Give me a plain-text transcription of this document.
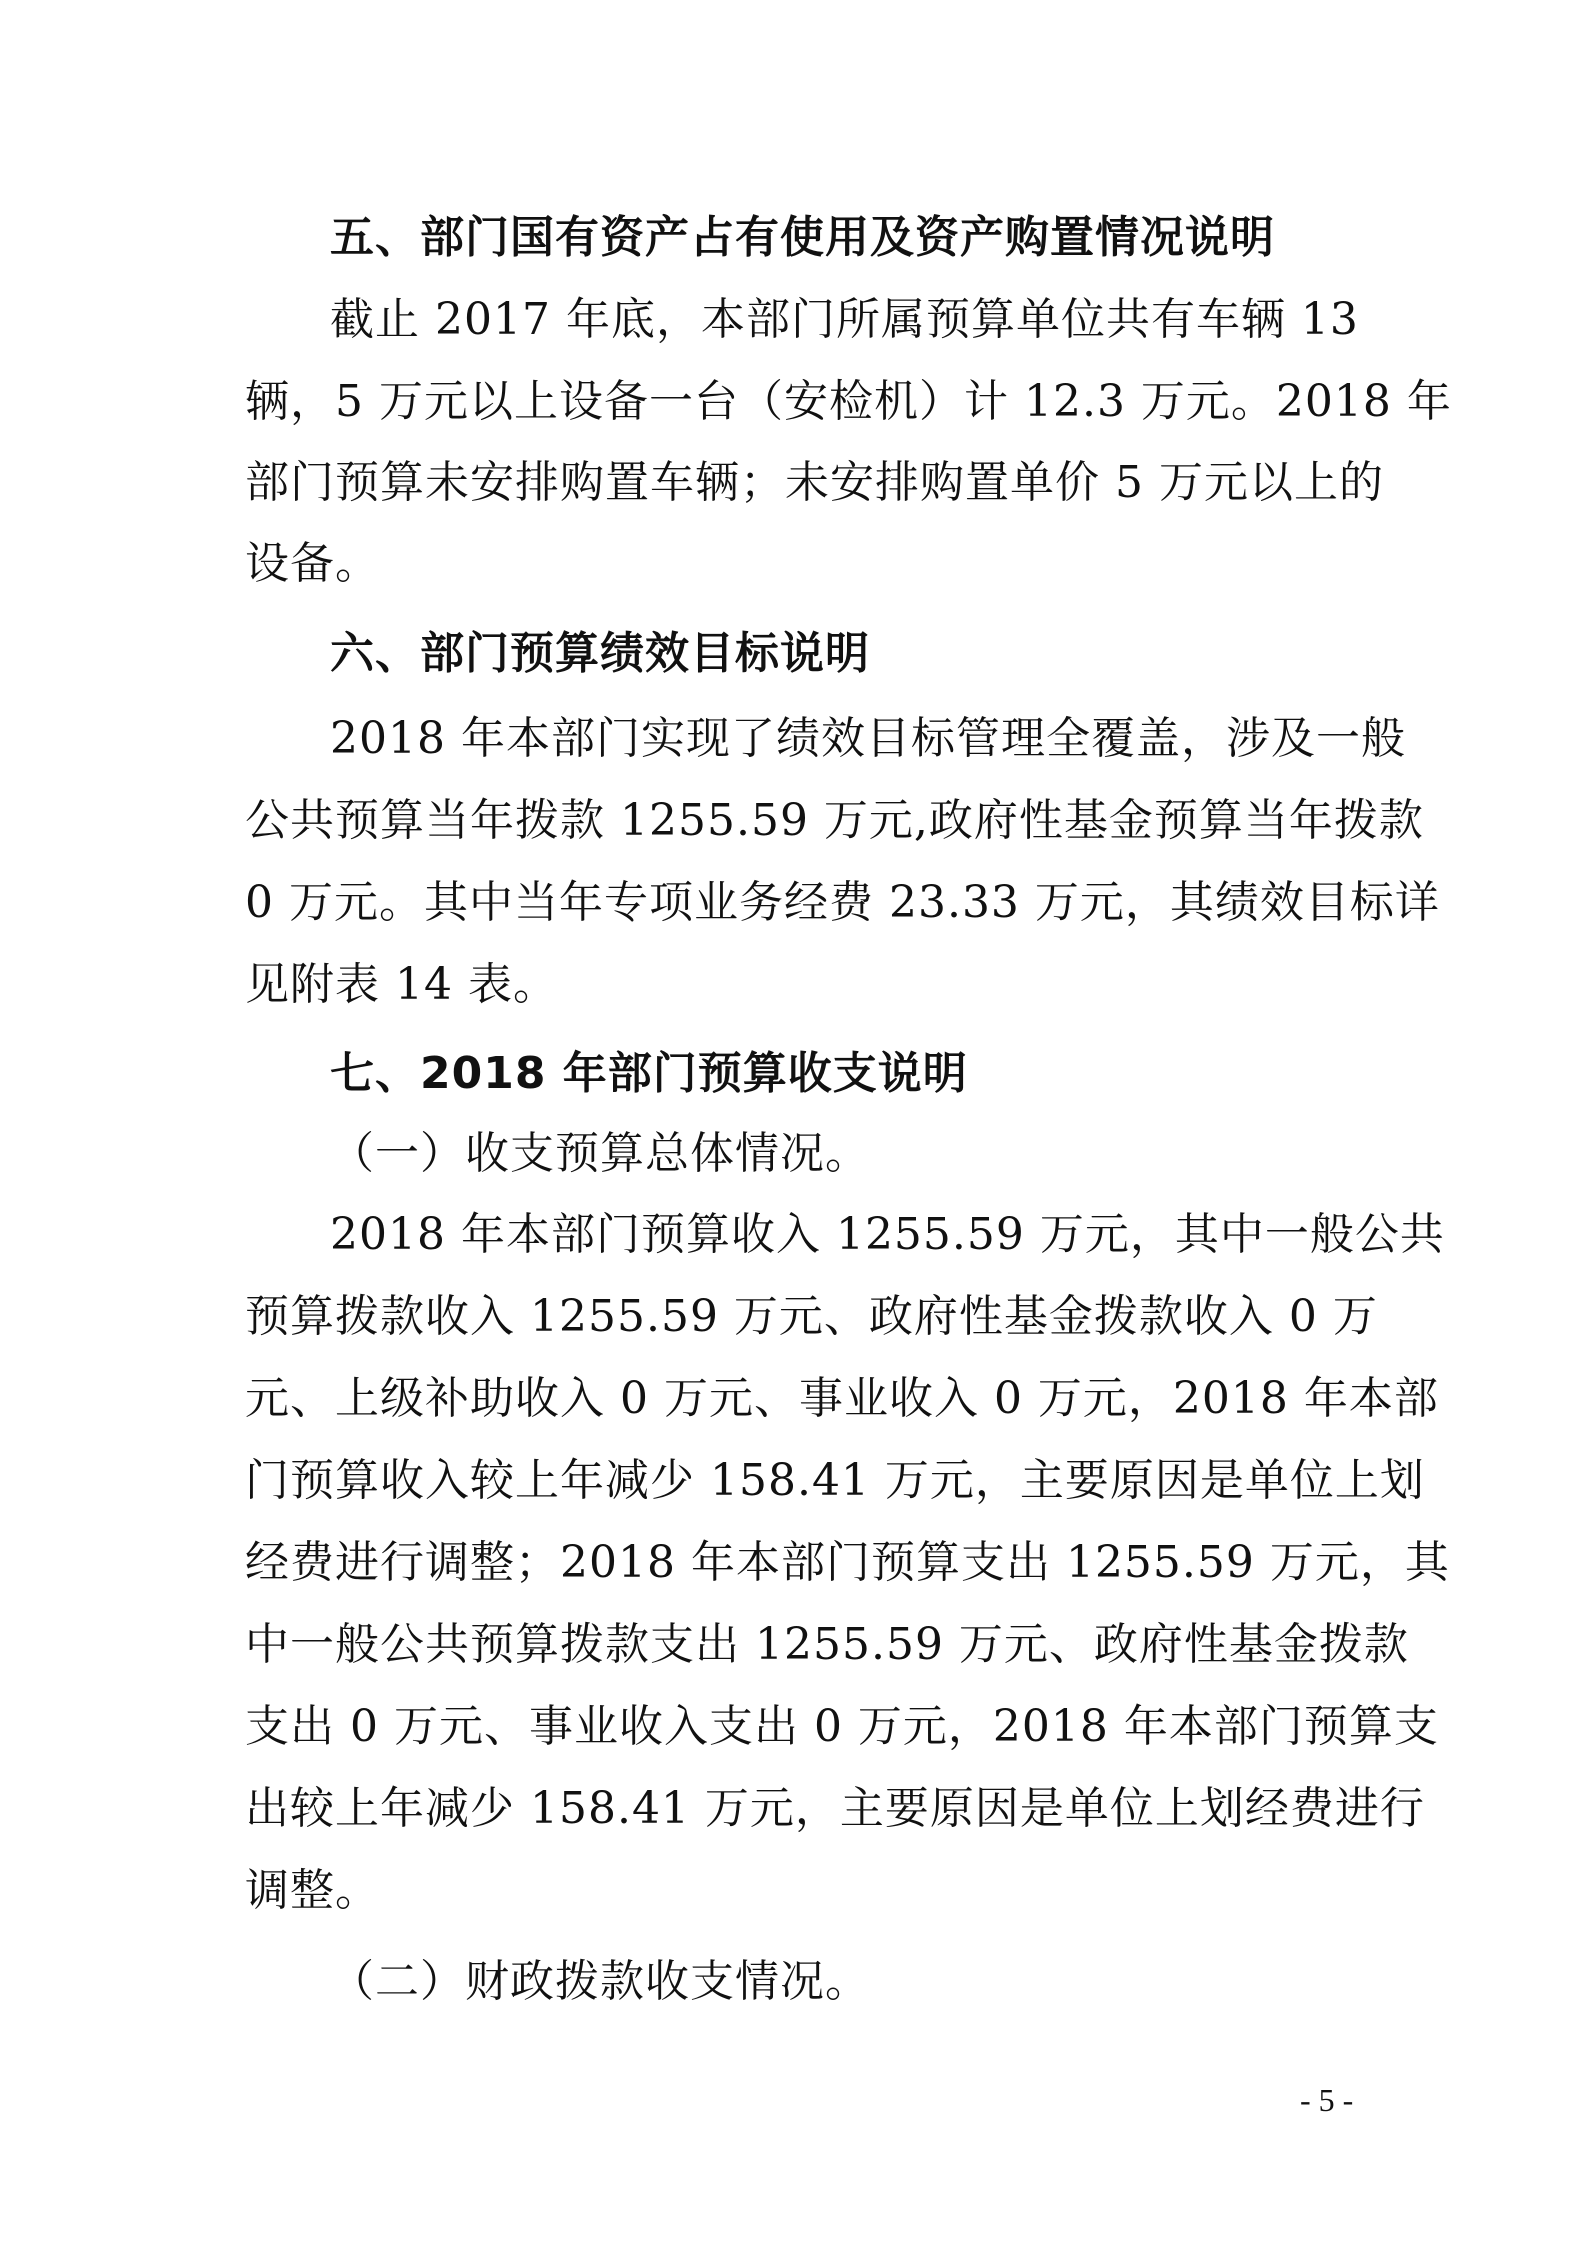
五、部门国有资产占有使用及资产购置情况说明
截止 2017 年底，本部门所属预算单位共有车辆 13
辆，5 万元以上设备一台（安检机）计 12.3 万元。2018 年
部门预算未安排购置车辆；未安排购置单价 5 万元以上的
设备。
六、部门预算绩效目标说明
2018 年本部门实现了绩效目标管理全覆盖，涉及一般
公共预算当年拨款 1255.59 万元,政府性基金预算当年拨款
0 万元。其中当年专项业务经费 23.33 万元，其绩效目标详
见附表 14 表。
七、2018 年部门预算收支说明
（一）收支预算总体情况。
2018 年本部门预算收入 1255.59 万元，其中一般公共
预算拨款收入 1255.59 万元、政府性基金拨款收入 0 万
元、上级补助收入 0 万元、事业收入 0 万元，2018 年本部
门预算收入较上年减少 158.41 万元，主要原因是单位上划
经费进行调整；2018 年本部门预算支出 1255.59 万元，其
中一般公共预算拨款支出 1255.59 万元、政府性基金拨款
支出 0 万元、事业收入支出 0 万元，2018 年本部门预算支
出较上年减少 158.41 万元，主要原因是单位上划经费进行
调整。
（二）财政拨款收支情况。
- 5 -
